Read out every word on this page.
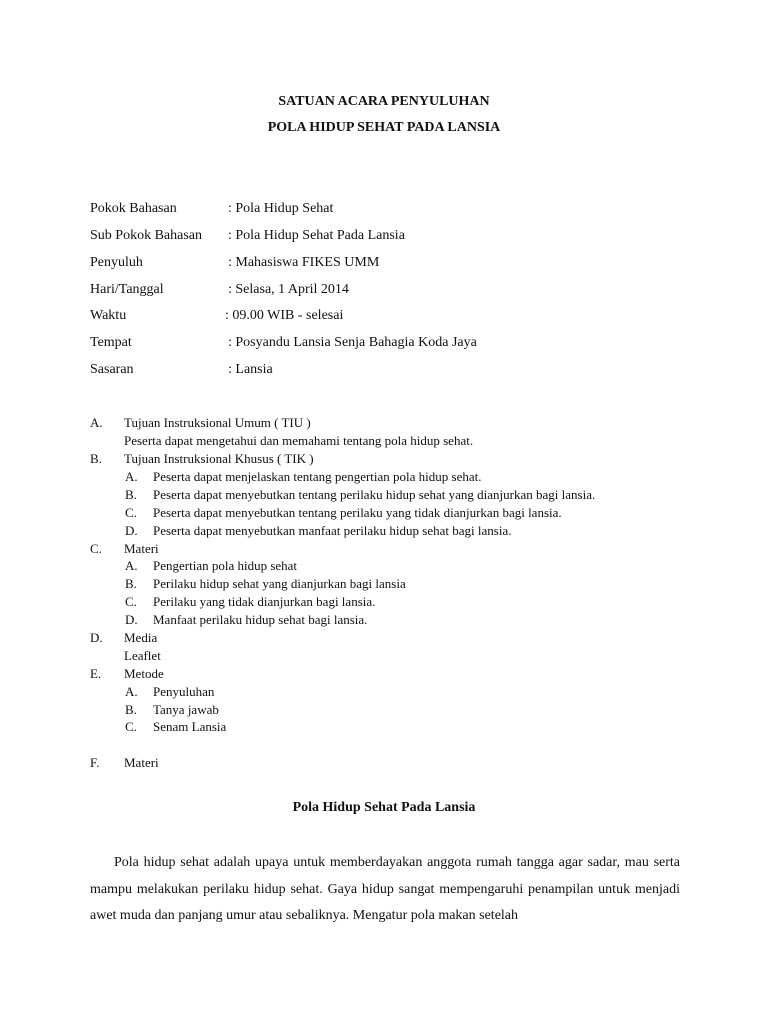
SATUAN ACARA PENYULUHAN
POLA HIDUP SEHAT PADA LANSIA
Pokok Bahasan	: Pola Hidup Sehat
Sub Pokok Bahasan : Pola Hidup Sehat Pada Lansia
Penyuluh	: Mahasiswa FIKES UMM
Hari/Tanggal	: Selasa, 1 April 2014
Waktu	: 09.00 WIB - selesai
Tempat	: Posyandu Lansia Senja Bahagia Koda Jaya
Sasaran	: Lansia
A. Tujuan Instruksional Umum ( TIU )
Peserta dapat mengetahui dan memahami tentang pola hidup sehat.
B. Tujuan Instruksional Khusus ( TIK )
A. Peserta dapat menjelaskan tentang pengertian pola hidup sehat.
B. Peserta dapat menyebutkan tentang perilaku hidup sehat yang dianjurkan bagi lansia.
C. Peserta dapat menyebutkan tentang perilaku yang tidak dianjurkan bagi lansia.
D. Peserta dapat menyebutkan manfaat perilaku hidup sehat bagi lansia.
C. Materi
A. Pengertian pola hidup sehat
B. Perilaku hidup sehat yang dianjurkan bagi lansia
C. Perilaku yang tidak dianjurkan bagi lansia.
D. Manfaat perilaku hidup sehat bagi lansia.
D. Media
Leaflet
E. Metode
A. Penyuluhan
B. Tanya jawab
C. Senam Lansia
F. Materi
Pola Hidup Sehat Pada Lansia
Pola hidup sehat adalah upaya untuk memberdayakan anggota rumah tangga agar sadar, mau serta mampu melakukan perilaku hidup sehat. Gaya hidup sangat mempengaruhi penampilan untuk menjadi awet muda dan panjang umur atau sebaliknya. Mengatur pola makan setelah
